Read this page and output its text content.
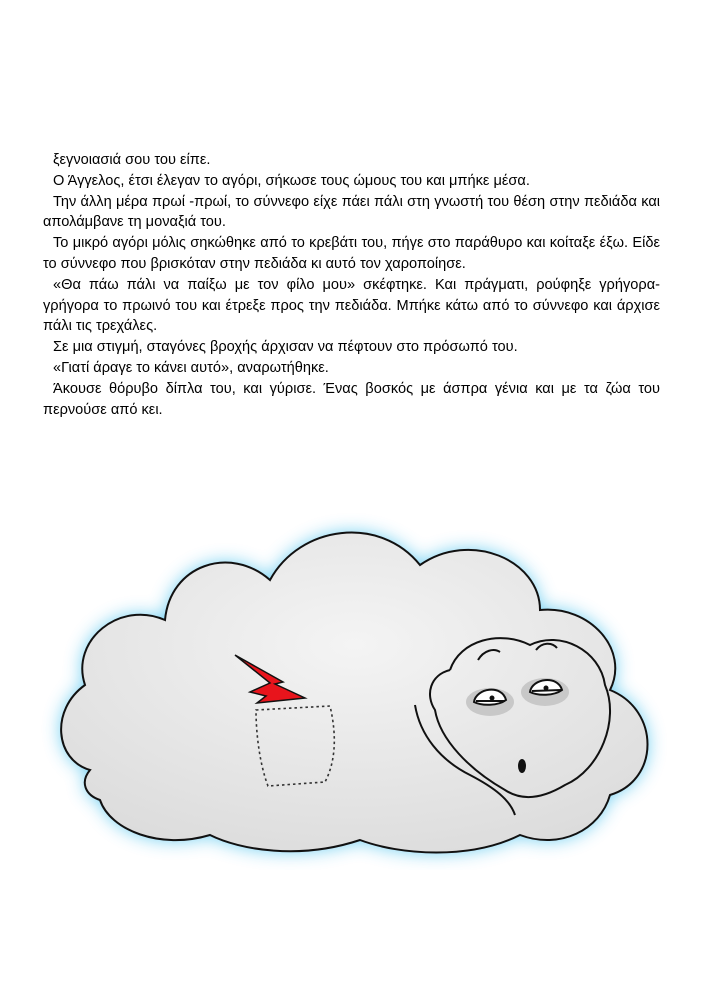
ξεγνοιασιά σου του είπε.

Ο Άγγελος, έτσι έλεγαν το αγόρι, σήκωσε τους ώμους του και μπήκε μέσα.

Την άλλη μέρα πρωί -πρωί, το σύννεφο είχε πάει πάλι στη γνωστή του θέση στην πεδιάδα και απολάμβανε τη μοναξιά του.

Το μικρό αγόρι μόλις σηκώθηκε από το κρεβάτι του, πήγε στο παράθυρο και κοίταξε έξω. Είδε το σύννεφο που βρισκόταν στην πεδιάδα κι αυτό τον χαροποίησε.

«Θα πάω πάλι να παίξω με τον φίλο μου» σκέφτηκε. Και πράγματι, ρούφηξε γρήγορα-γρήγορα το πρωινό του και έτρεξε προς την πεδιάδα. Μπήκε κάτω από το σύννεφο και άρχισε πάλι τις τρεχάλες.

Σε μια στιγμή, σταγόνες βροχής άρχισαν να πέφτουν στο πρόσωπό του.

«Γιατί άραγε το κάνει αυτό», αναρωτήθηκε.

Άκουσε θόρυβο δίπλα του, και γύρισε. Ένας βοσκός με άσπρα γένια και με τα ζώα του περνούσε από κει.
